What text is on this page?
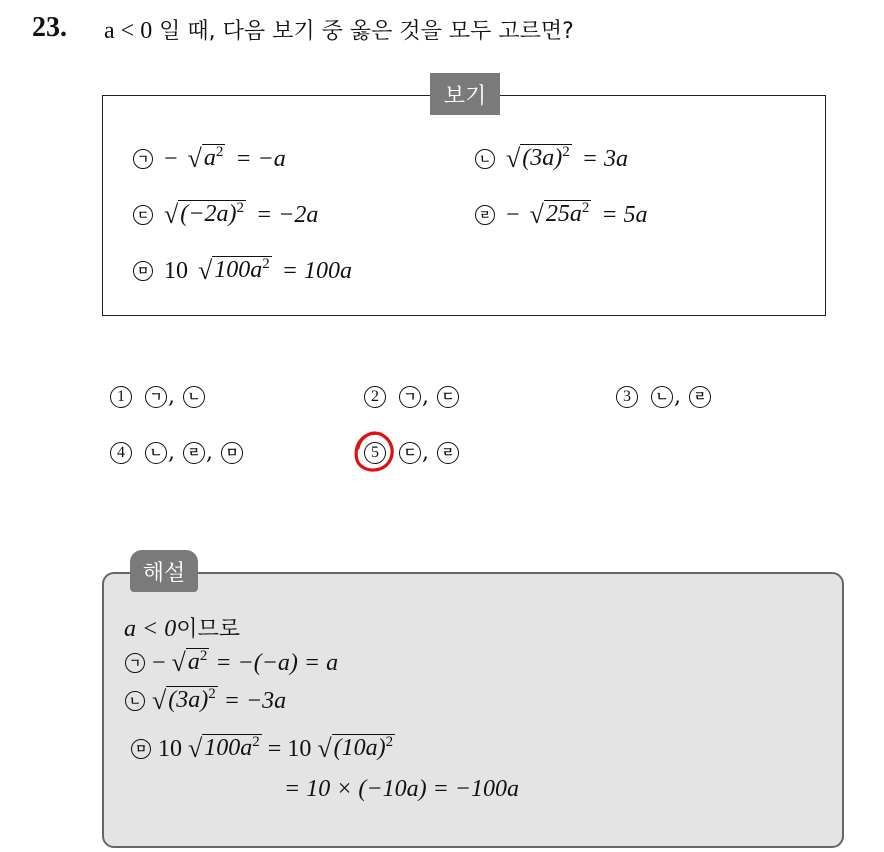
23. a < 0 일 때, 다음 보기 중 옳은 것을 모두 고르면?
보기
ㄱ − $√a^2 = -a$	ㄴ $√(3a)^2 = 3a$
ㄷ $√(-2a)^2 = -2a$	ㄹ − $√25a^2 = 5a$
ㅁ 10 $√100a^2 = 100a$
1	ㄱ , ㄴ	2	ㄱ , ㄷ	3	ㄴ , ㄹ
4	ㄴ , ㄹ , ㅁ	5	ㄷ , ㄹ
해설
a < 0이므로
ㄱ − $√a^2 = -(-a) = a$
ㄴ $√(3a)^2 = -3a$
ㅁ 10 $√100a^2 = 10$ $√(10a)^2$
= 10 × (−10a) = −100a
